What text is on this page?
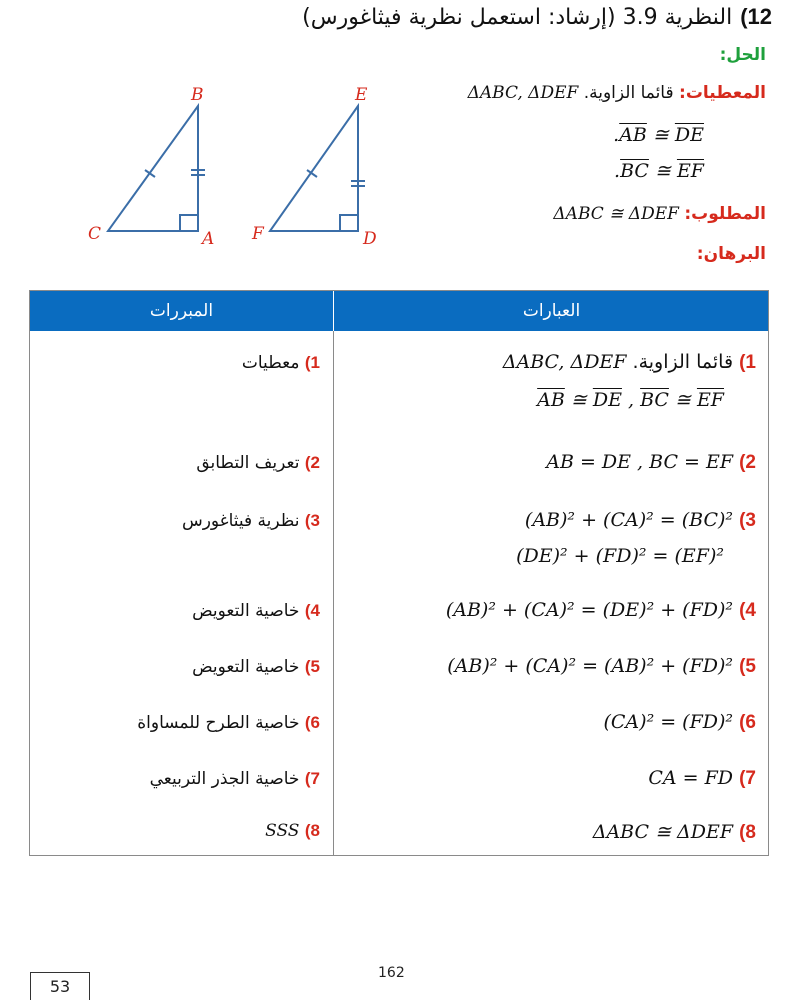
12)النظرية 3.9 (إرشاد: استعمل نظرية فيثاغورس)
الحل:
المعطيات: قائما الزاوية. ΔABC, ΔDEF
$.\overline{AB}$ ≅ $\overline{DE}$
$.\overline{BC}$ ≅ $\overline{EF}$
المطلوب: ΔABC ≅ ΔDEF
البرهان:
B
C	A
E
F	D
المبررات	العبارات
1) قائما الزاوية. ΔABC, ΔDEF
$\overline{AB}$ ≅ $\overline{DE}$ , $\overline{BC}$ ≅ $\overline{EF}$
1) معطيات
2) AB = DE , BC = EF
2) تعريف التطابق
3) (AB)² + (CA)² = (BC)²
(DE)² + (FD)² = (EF)²
3) نظرية فيثاغورس
4) (AB)² + (CA)² = (DE)² + (FD)²
4) خاصية التعويض
5) (AB)² + (CA)² = (AB)² + (FD)²
5) خاصية التعويض
6) (CA)² = (FD)²
6) خاصية الطرح للمساواة
7) CA = FD
7) خاصية الجذر التربيعي
8) ΔABC ≅ ΔDEF
8) SSS
162
53
